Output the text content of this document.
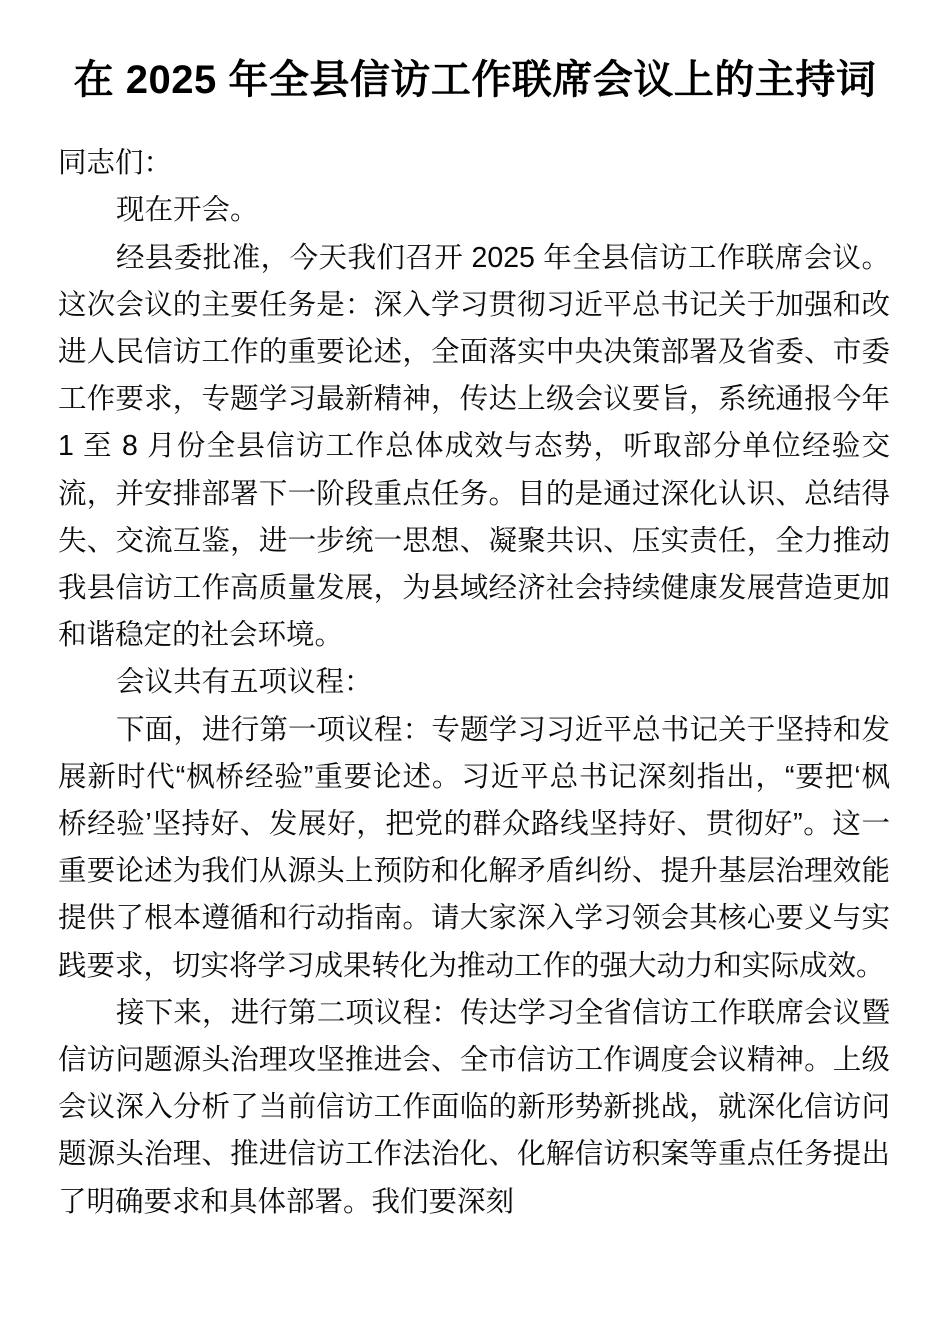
在 2025 年全县信访工作联席会议上的主持词

同志们：

现在开会。

经县委批准，今天我们召开 2025 年全县信访工作联席会议。这次会议的主要任务是：深入学习贯彻习近平总书记关于加强和改进人民信访工作的重要论述，全面落实中央决策部署及省委、市委工作要求，专题学习最新精神，传达上级会议要旨，系统通报今年 1 至 8 月份全县信访工作总体成效与态势，听取部分单位经验交流，并安排部署下一阶段重点任务。目的是通过深化认识、总结得失、交流互鉴，进一步统一思想、凝聚共识、压实责任，全力推动我县信访工作高质量发展，为县域经济社会持续健康发展营造更加和谐稳定的社会环境。

会议共有五项议程：

下面，进行第一项议程：专题学习习近平总书记关于坚持和发展新时代“枫桥经验”重要论述。习近平总书记深刻指出，“要把‘枫桥经验’坚持好、发展好，把党的群众路线坚持好、贯彻好”。这一重要论述为我们从源头上预防和化解矛盾纠纷、提升基层治理效能提供了根本遵循和行动指南。请大家深入学习领会其核心要义与实践要求，切实将学习成果转化为推动工作的强大动力和实际成效。

接下来，进行第二项议程：传达学习全省信访工作联席会议暨信访问题源头治理攻坚推进会、全市信访工作调度会议精神。上级会议深入分析了当前信访工作面临的新形势新挑战，就深化信访问题源头治理、推进信访工作法治化、化解信访积案等重点任务提出了明确要求和具体部署。我们要深刻
